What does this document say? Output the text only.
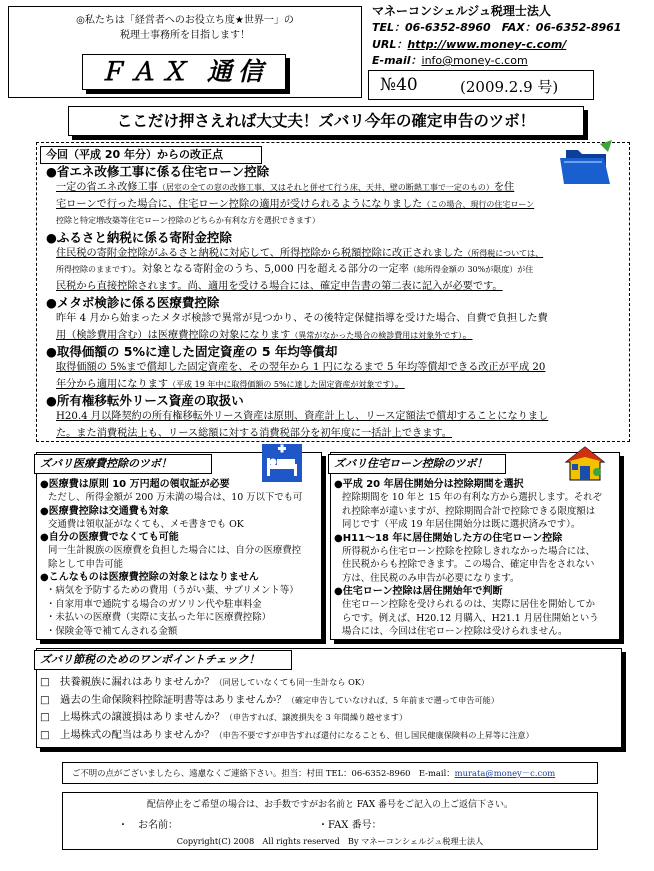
◎私たちは「経営者へのお役立ち度★世界一」の
税理士事務所を目指します！
ＦＡＸ 通信
マネーコンシェルジュ税理士法人
TEL：06-6352-8960　FAX：06-6352-8961
URL：http://www.money-c.com/
E-mail：info@money-c.com
№40	(2009.2.9 号)
ここだけ押さえれば大丈夫！ズバリ今年の確定申告のツボ！
今回（平成 20 年分）からの改正点
●省エネ改修工事に係る住宅ローン控除
一定の省エネ改修工事（居室の全ての窓の改修工事、又はそれと併せて行う床、天井、壁の断熱工事で一定のもの）を住
宅ローンで行った場合に、住宅ローン控除の適用が受けられるようになりました（この場合、現行の住宅ローン
控除と特定増改築等住宅ローン控除のどちらか有利な方を選択できます）
●ふるさと納税に係る寄附金控除
住民税の寄附金控除がふるさと納税に対応して、所得控除から税額控除に改正されました（所得税については、
所得控除のままです）。対象となる寄附金のうち、5,000 円を超える部分の一定率（総所得金額の 30%が限度）が住
民税から直接控除されます。尚、適用を受ける場合には、確定申告書の第二表に記入が必要です。
●メタボ検診に係る医療費控除
昨年 4 月から始まったメタボ検診で異常が見つかり、その後特定保健指導を受けた場合、自費で負担した費
用（検診費用含む）は医療費控除の対象になります（異常がなかった場合の検診費用は対象外です）。
●取得価額の 5%に達した固定資産の 5 年均等償却
取得価額の 5%まで償却した固定資産を、その翌年から 1 円になるまで 5 年均等償却できる改正が平成 20
年分から適用になります（平成 19 年中に取得価額の 5%に達した固定資産が対象です）。
●所有権移転外リース資産の取扱い
H20.4 月以降契約の所有権移転外リース資産は原則、資産計上し、リース定額法で償却することになりまし
た。また消費税法上も、リース総額に対する消費税部分を初年度に一括計上できます。
ズバリ医療費控除のツボ！
●医療費は原則 10 万円超の領収証が必要
ただし、所得金額が 200 万未満の場合は、10 万以下でも可
●医療費控除は交通費も対象
交通費は領収証がなくても、メモ書きでも OK
●自分の医療費でなくても可能
同一生計親族の医療費を負担した場合には、自分の医療費控
除として申告可能
●こんなものは医療費控除の対象とはなりません
・病気を予防するための費用（うがい薬、サプリメント等）
・自家用車で通院する場合のガソリン代や駐車料金
・未払いの医療費（実際に支払った年に医療費控除）
・保険金等で補てんされる金額
ズバリ住宅ローン控除のツボ！
●平成 20 年居住開始分は控除期間を選択
控除期間を 10 年と 15 年の有利な方から選択します。それぞ
れ控除率が違いますが、控除期間合計で控除できる限度額は
同じです（平成 19 年居住開始分は既に選択済みです）。
●H11～18 年に居住開始した方の住宅ローン控除
所得税から住宅ローン控除を控除しきれなかった場合には、
住民税からも控除できます。この場合、確定申告をされない
方は、住民税のみ申告が必要になります。
●住宅ローン控除は居住開始年で判断
住宅ローン控除を受けられるのは、実際に居住を開始してか
らです。例えば、H20.12 月購入、H21.1 月居住開始という
場合には、今回は住宅ローン控除は受けられません。
ズバリ節税のためのワンポイントチェック！
□　 扶養親族に漏れはありませんか？（同居していなくても同一生計なら OK）
□　 過去の生命保険料控除証明書等はありませんか？（確定申告していなければ、5 年前まで遡って申告可能）
□　 上場株式の譲渡損はありませんか？（申告すれば、譲渡損失を 3 年間繰り越せます）
□　 上場株式の配当はありませんか？（申告不要ですが申告すれば還付になることも、但し国民健康保険料の上昇等に注意）
ご不明の点がございましたら、遠慮なくご連絡下さい。担当：村田 TEL：06-6352-8960　E-mail：murata@money－c.com
配信停止をご希望の場合は、お手数ですがお名前と FAX 番号をご記入の上ご返信下さい。
・　お名前：	・FAX 番号：
Copyright(C) 2008　All rights reserved　By マネーコンシェルジュ税理士法人
